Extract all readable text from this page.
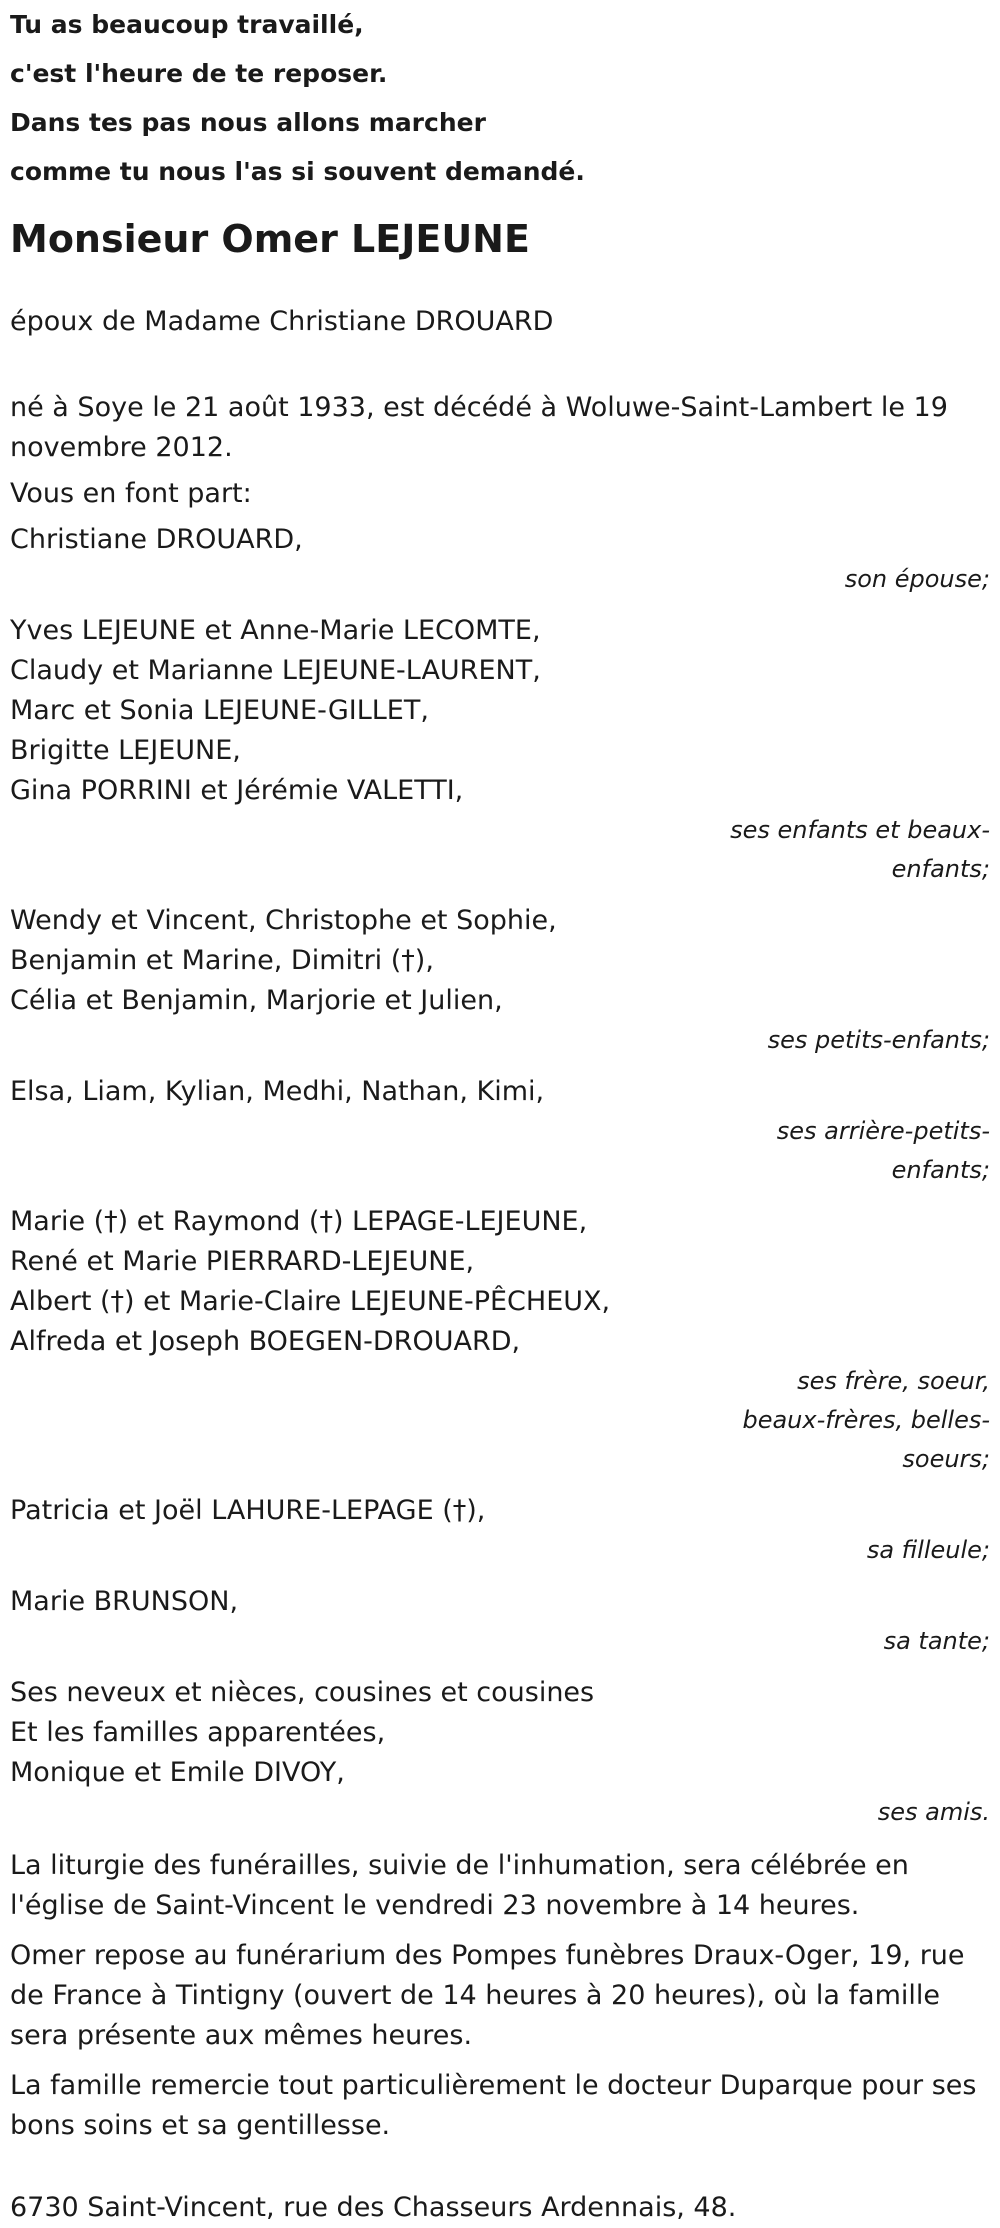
Tu as beaucoup travaillé,
c'est l'heure de te reposer.
Dans tes pas nous allons marcher
comme tu nous l'as si souvent demandé.
Monsieur Omer LEJEUNE
époux de Madame Christiane DROUARD
né à Soye le 21 août 1933, est décédé à Woluwe-Saint-Lambert le 19 novembre 2012.
Vous en font part:
Christiane DROUARD,
son épouse;
Yves LEJEUNE et Anne-Marie LECOMTE,
Claudy et Marianne LEJEUNE-LAURENT,
Marc et Sonia LEJEUNE-GILLET,
Brigitte LEJEUNE,
Gina PORRINI et Jérémie VALETTI,
ses enfants et beaux-enfants;
Wendy et Vincent, Christophe et Sophie,
Benjamin et Marine, Dimitri (†),
Célia et Benjamin, Marjorie et Julien,
ses petits-enfants;
Elsa, Liam, Kylian, Medhi, Nathan, Kimi,
ses arrière-petits-enfants;
Marie (†) et Raymond (†) LEPAGE-LEJEUNE,
René et Marie PIERRARD-LEJEUNE,
Albert (†) et Marie-Claire LEJEUNE-PÊCHEUX,
Alfreda et Joseph BOEGEN-DROUARD,
ses frère, soeur, beaux-frères, belles-soeurs;
Patricia et Joël LAHURE-LEPAGE (†),
sa filleule;
Marie BRUNSON,
sa tante;
Ses neveux et nièces, cousines et cousines
Et les familles apparentées,
Monique et Emile DIVOY,
ses amis.
La liturgie des funérailles, suivie de l'inhumation, sera célébrée en l'église de Saint-Vincent le vendredi 23 novembre à 14 heures.
Omer repose au funérarium des Pompes funèbres Draux-Oger, 19, rue de France à Tintigny (ouvert de 14 heures à 20 heures), où la famille sera présente aux mêmes heures.
La famille remercie tout particulièrement le docteur Duparque pour ses bons soins et sa gentillesse.
6730 Saint-Vincent, rue des Chasseurs Ardennais, 48.
